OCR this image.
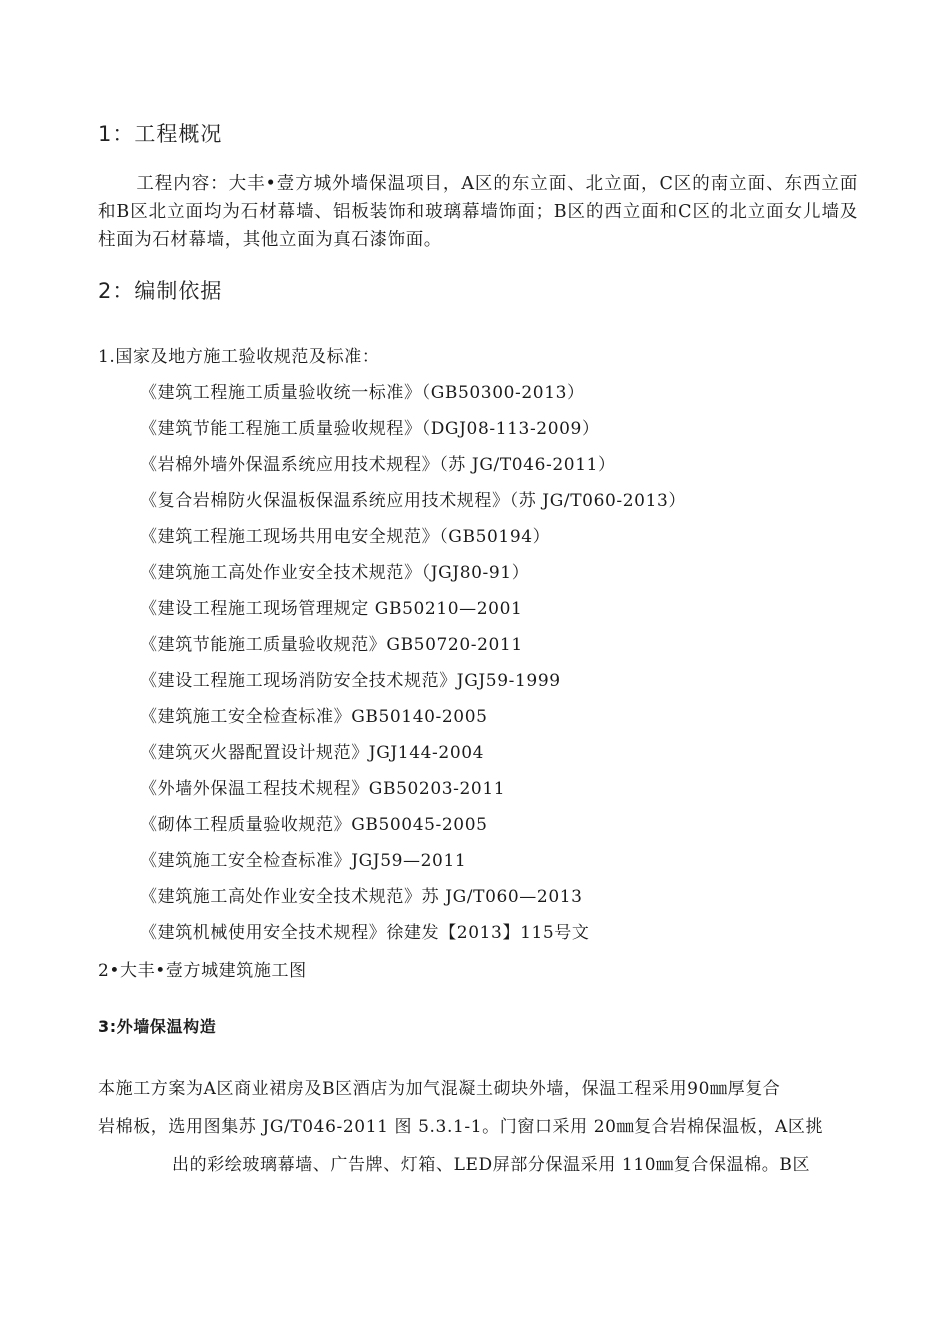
1：工程概况
工程内容：大丰•壹方城外墙保温项目，A区的东立面、北立面，C区的南立面、东西立面和B区北立面均为石材幕墙、铝板装饰和玻璃幕墙饰面；B区的西立面和C区的北立面女儿墙及柱面为石材幕墙，其他立面为真石漆饰面。
2：编制依据
1.国家及地方施工验收规范及标准：
《建筑工程施工质量验收统一标准》（GB50300-2013）
《建筑节能工程施工质量验收规程》（DGJ08-113-2009）
《岩棉外墙外保温系统应用技术规程》（苏 JG/T046-2011）
《复合岩棉防火保温板保温系统应用技术规程》（苏 JG/T060-2013）
《建筑工程施工现场共用电安全规范》（GB50194）
《建筑施工高处作业安全技术规范》（JGJ80-91）
《建设工程施工现场管理规定 GB50210—2001
《建筑节能施工质量验收规范》GB50720-2011
《建设工程施工现场消防安全技术规范》JGJ59-1999
《建筑施工安全检查标准》GB50140-2005
《建筑灭火器配置设计规范》JGJ144-2004
《外墙外保温工程技术规程》GB50203-2011
《砌体工程质量验收规范》GB50045-2005
《建筑施工安全检查标准》JGJ59—2011
《建筑施工高处作业安全技术规范》苏 JG/T060—2013
《建筑机械使用安全技术规程》徐建发【2013】115号文
2•大丰•壹方城建筑施工图
3:外墙保温构造
本施工方案为A区商业裙房及B区酒店为加气混凝土砌块外墙，保温工程采用90㎜厚复合
岩棉板，选用图集苏 JG/T046-2011 图 5.3.1-1。门窗口采用 20㎜复合岩棉保温板，A区挑
出的彩绘玻璃幕墙、广告牌、灯箱、LED屏部分保温采用 110㎜复合保温棉。B区
